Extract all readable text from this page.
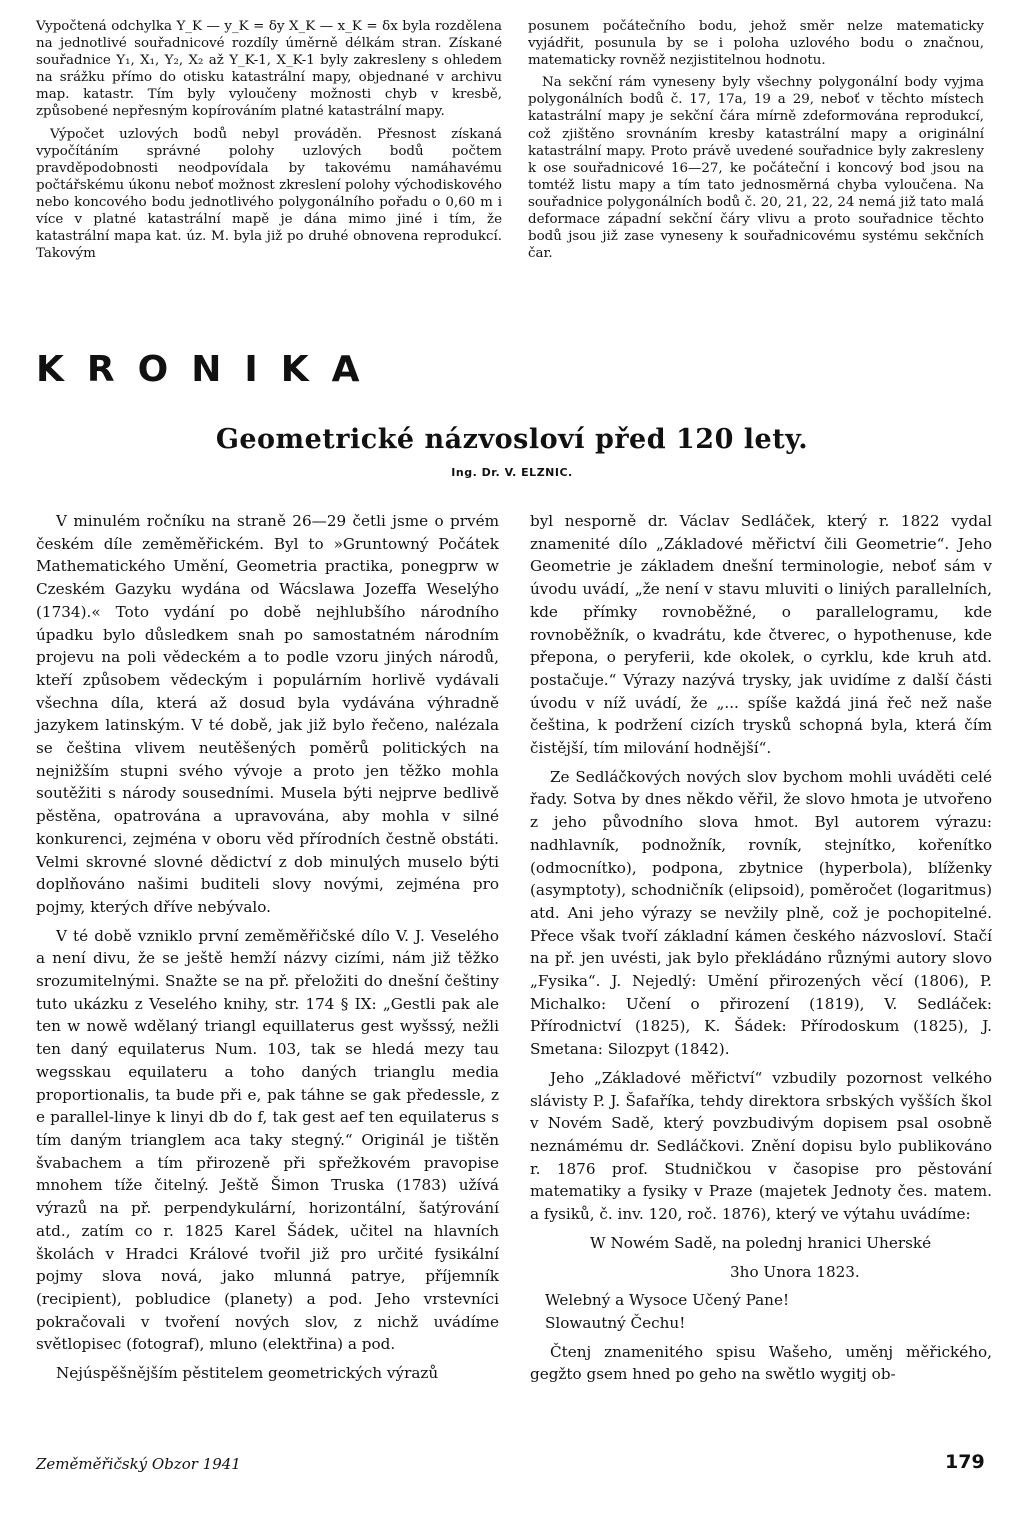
Vypočtená odchylka Y_K — y_K = δy X_K — x_K = δx byla rozdělena na jednotlivé souřadnicové rozdíly úměrně délkám stran. Získané souřadnice Y₁, X₁, Y₂, X₂ až Y_K-1, X_K-1 byly zakresleny s ohledem na srážku přímo do otisku katastrální mapy, objednané v archivu map. katastr. Tím byly vyloučeny možnosti chyb v kresbě, způsobené nepřesným kopírováním platné katastrální mapy.

Výpočet uzlových bodů nebyl prováděn. Přesnost získaná vypočítáním správné polohy uzlových bodů počtem pravděpodobnosti neodpovídala by takovému namáhavému počtářskému úkonu neboť možnost zkreslení polohy východiskového nebo koncového bodu jednotlivého polygonálního pořadu o 0,60 m i více v platné katastrální mapě je dána mimo jiné i tím, že katastrální mapa kat. úz. M. byla již po druhé obnovena reprodukcí. Takovým

posunem počátečního bodu, jehož směr nelze matematicky vyjádřit, posunula by se i poloha uzlového bodu o značnou, matematicky rovněž nezjistitelnou hodnotu.

Na sekční rám vyneseny byly všechny polygonální body vyjma polygonálních bodů č. 17, 17a, 19 a 29, neboť v těchto místech katastrální mapy je sekční čára mírně zdeformována reprodukcí, což zjištěno srovnáním kresby katastrální mapy a originální katastrální mapy. Proto právě uvedené souřadnice byly zakresleny k ose souřadnicové 16—27, ke počáteční i koncový bod jsou na tomtéž listu mapy a tím tato jednosměrná chyba vyloučena. Na souřadnice polygonálních bodů č. 20, 21, 22, 24 nemá již tato malá deformace západní sekční čáry vlivu a proto souřadnice těchto bodů jsou již zase vyneseny k souřadnicovému systému sekčních čar.

KRONIKA
Geometrické názvosloví před 120 lety.
Ing. Dr. V. ELZNIC.

V minulém ročníku na straně 26—29 četli jsme o prvém českém díle zeměměřickém. Byl to »Gruntowný Počátek Mathematického Umění, Geometria practika, ponegprw w Czeském Gazyku wydána od Wácslawa Jozeffa Weselýho (1734).« Toto vydání po době nejhlubšího národního úpadku bylo důsledkem snah po samostatném národním projevu na poli vědeckém a to podle vzoru jiných národů, kteří způsobem vědeckým i populárním horlivě vydávali všechna díla, která až dosud byla vydávána výhradně jazykem latinským. V té době, jak již bylo řečeno, nalézala se čeština vlivem neutěšených poměrů politických na nejnižším stupni svého vývoje a proto jen těžko mohla soutěžiti s národy sousedními. Musela býti nejprve bedlivě pěstěna, opatrována a upravována, aby mohla v silné konkurenci, zejména v oboru věd přírodních čestně obstáti. Velmi skrovné slovné dědictví z dob minulých muselo býti doplňováno našimi buditeli slovy novými, zejména pro pojmy, kterých dříve nebývalo.

V té době vzniklo první zeměměřičské dílo V. J. Veselého a není divu, že se ještě hemží názvy cizími, nám již těžko srozumitelnými. Snažte se na př. přeložiti do dnešní češtiny tuto ukázku z Veselého knihy, str. 174 § IX: „Gestli pak ale ten w nowě wdělaný triangl equillaterus gest wyšssý, nežli ten daný equilaterus Num. 103, tak se hledá mezy tau wegsskau equilateru a toho daných trianglu media proportionalis, ta bude při e, pak táhne se gak předessle, z e parallel-linye k linyi db do f, tak gest aef ten equilaterus s tím daným trianglem aca taky stegný.“ Originál je tištěn švabachem a tím přirozeně při spřežkovém pravopise mnohem tíže čitelný. Ještě Šimon Truska (1783) užívá výrazů na př. perpendykulární, horizontální, šatýrování atd., zatím co r. 1825 Karel Šádek, učitel na hlavních školách v Hradci Králové tvořil již pro určité fysikální pojmy slova nová, jako mlunná patrye, příjemník (recipient), pobludice (planety) a pod. Jeho vrstevníci pokračovali v tvoření nových slov, z nichž uvádíme světlopisec (fotograf), mluno (elektřina) a pod.

Nejúspěšnějším pěstitelem geometrických výrazů

byl nesporně dr. Václav Sedláček, který r. 1822 vydal znamenité dílo „Základové měřictví čili Geometrie“. Jeho Geometrie je základem dnešní terminologie, neboť sám v úvodu uvádí, „že není v stavu mluviti o liniých parallelních, kde přímky rovnoběžné, o parallelogramu, kde rovnoběžník, o kvadrátu, kde čtverec, o hypothenuse, kde přepona, o peryferii, kde okolek, o cyrklu, kde kruh atd. postačuje.“ Výrazy nazývá trysky, jak uvidíme z další části úvodu v níž uvádí, že „... spíše každá jiná řeč než naše čeština, k podržení cizích trysků schopná byla, která čím čistější, tím milování hodnější“.

Ze Sedláčkových nových slov bychom mohli uváděti celé řady. Sotva by dnes někdo věřil, že slovo hmota je utvořeno z jeho původního slova hmot. Byl autorem výrazu: nadhlavník, podnožník, rovník, stejnítko, kořenítko (odmocnítko), podpona, zbytnice (hyperbola), blíženky (asymptoty), schodničník (elipsoid), poměročet (logaritmus) atd. Ani jeho výrazy se nevžily plně, což je pochopitelné. Přece však tvoří základní kámen českého názvosloví. Stačí na př. jen uvésti, jak bylo překládáno různými autory slovo „Fysika“. J. Nejedlý: Umění přirozených věcí (1806), P. Michalko: Učení o přirození (1819), V. Sedláček: Přírodnictví (1825), K. Šádek: Přírodoskum (1825), J. Smetana: Silozpyt (1842).

Jeho „Základové měřictví“ vzbudily pozornost velkého slávisty P. J. Šafaříka, tehdy direktora srbských vyšších škol v Novém Sadě, který povzbudivým dopisem psal osobně neznámému dr. Sedláčkovi. Znění dopisu bylo publikováno r. 1876 prof. Studničkou v časopise pro pěstování matematiky a fysiky v Praze (majetek Jednoty čes. matem. a fysiků, č. inv. 120, roč. 1876), který ve výtahu uvádíme:

W Nowém Sadě, na polednj hranici Uherské

3ho Unora 1823.

Welebný a Wysoce Učený Pane!

Slowautný Čechu!

Čtenj znamenitého spisu Wašeho, uměnj měřického, gegžto gsem hned po geho na swětlo wygitj ob-

Zeměměřičský Obzor 1941	179
